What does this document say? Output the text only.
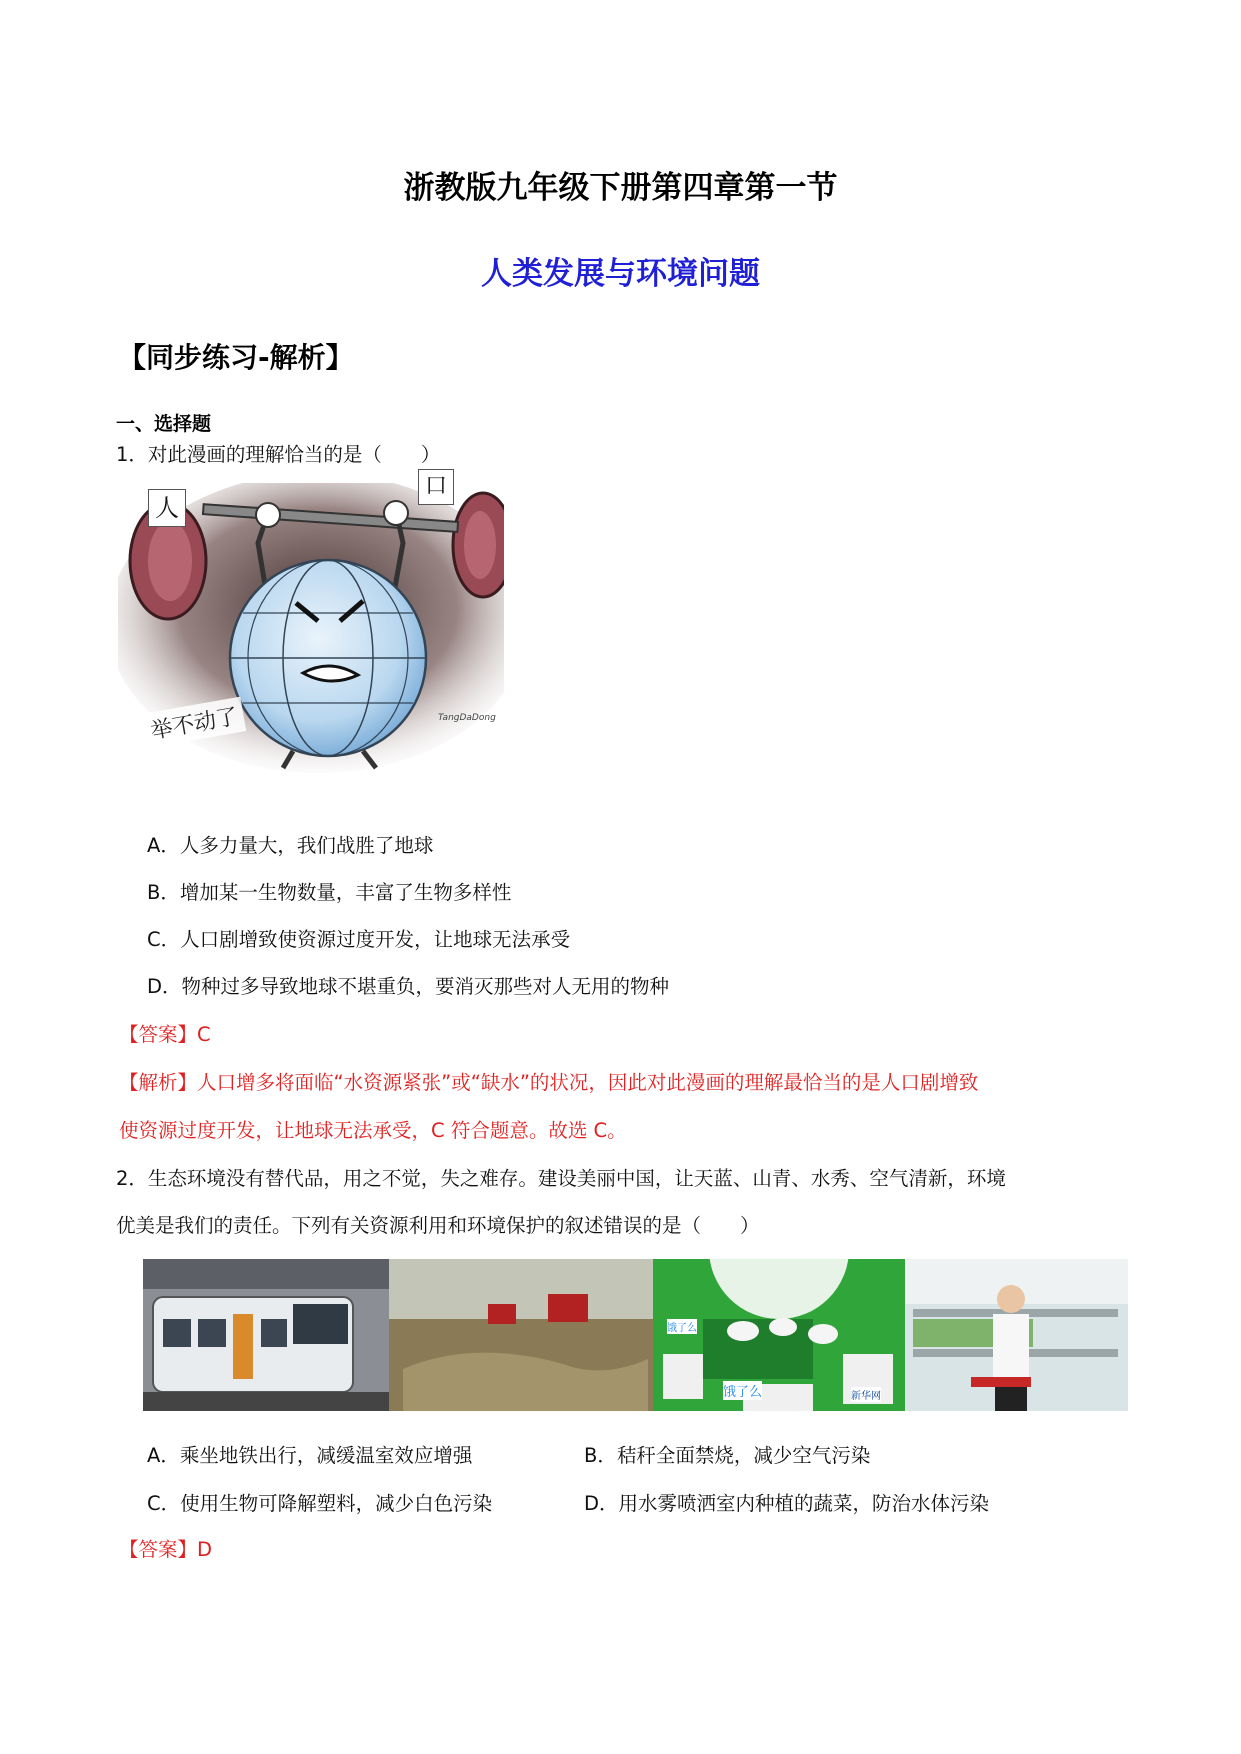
浙教版九年级下册第四章第一节
人类发展与环境问题
【同步练习-解析】
一、选择题
1．对此漫画的理解恰当的是（　　）
人
口
举不动了	TangDaDong
A．人多力量大，我们战胜了地球
B．增加某一生物数量，丰富了生物多样性
C．人口剧增致使资源过度开发，让地球无法承受
D．物种过多导致地球不堪重负，要消灭那些对人无用的物种
【答案】C
【解析】人口增多将面临“水资源紧张”或“缺水”的状况，因此对此漫画的理解最恰当的是人口剧增致
使资源过度开发，让地球无法承受，C 符合题意。故选 C。
2．生态环境没有替代品，用之不觉，失之难存。建设美丽中国，让天蓝、山青、水秀、空气清新，环境
优美是我们的责任。下列有关资源利用和环境保护的叙述错误的是（　　）
饿了么
饿了么
新华网
A．乘坐地铁出行，减缓温室效应增强	B．秸秆全面禁烧，减少空气污染
C．使用生物可降解塑料，减少白色污染	D．用水雾喷洒室内种植的蔬菜，防治水体污染
【答案】D
